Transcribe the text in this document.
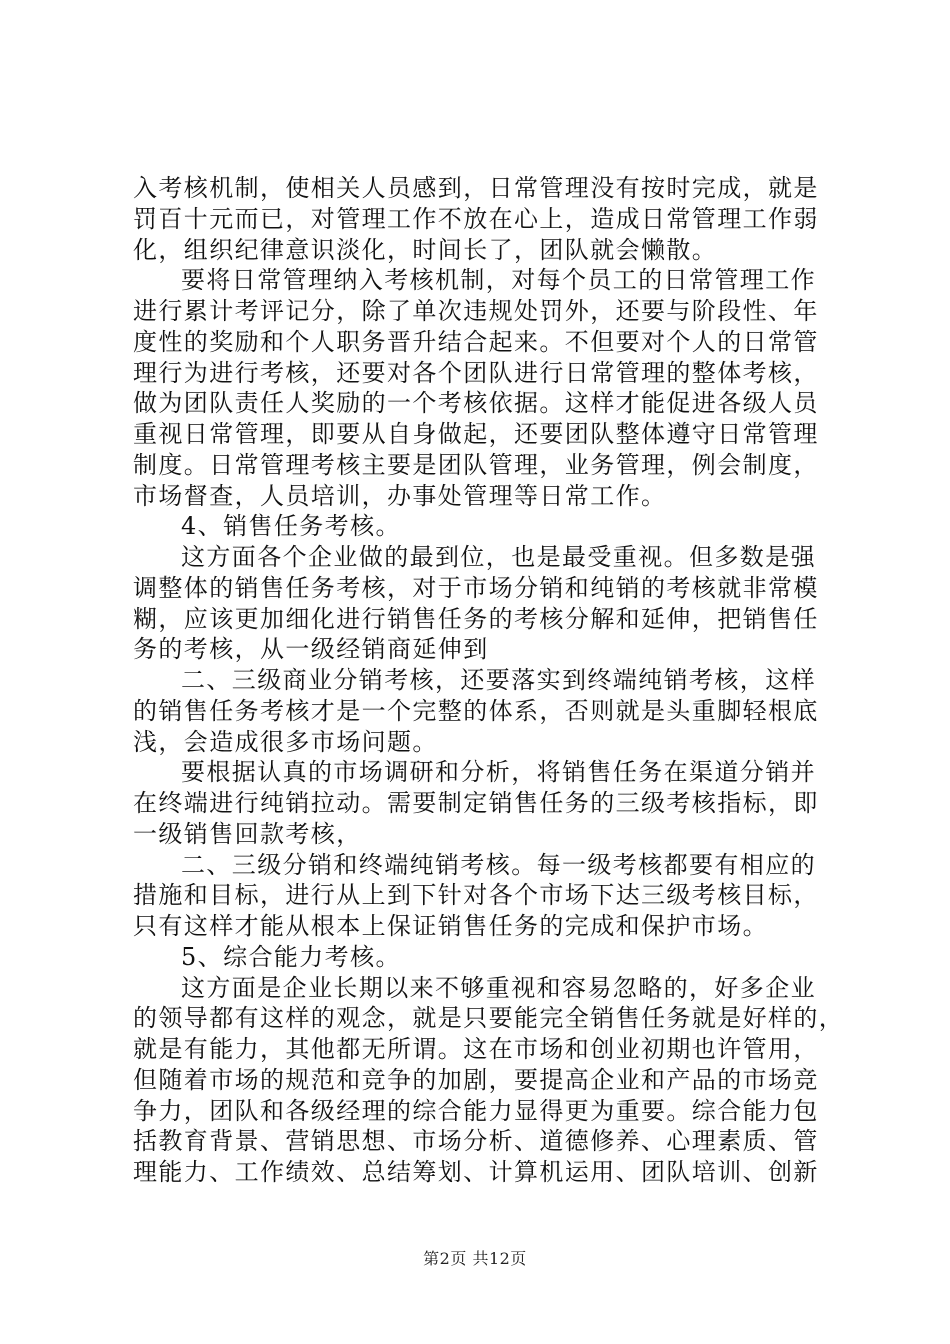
入考核机制，使相关人员感到，日常管理没有按时完成，就是
罚百十元而已，对管理工作不放在心上，造成日常管理工作弱
化，组织纪律意识淡化，时间长了，团队就会懒散。
要将日常管理纳入考核机制，对每个员工的日常管理工作
进行累计考评记分，除了单次违规处罚外，还要与阶段性、年
度性的奖励和个人职务晋升结合起来。不但要对个人的日常管
理行为进行考核，还要对各个团队进行日常管理的整体考核，
做为团队责任人奖励的一个考核依据。这样才能促进各级人员
重视日常管理，即要从自身做起，还要团队整体遵守日常管理
制度。日常管理考核主要是团队管理，业务管理，例会制度，
市场督查，人员培训，办事处管理等日常工作。
4、销售任务考核。
这方面各个企业做的最到位，也是最受重视。但多数是强
调整体的销售任务考核，对于市场分销和纯销的考核就非常模
糊，应该更加细化进行销售任务的考核分解和延伸，把销售任
务的考核，从一级经销商延伸到
二、三级商业分销考核，还要落实到终端纯销考核，这样
的销售任务考核才是一个完整的体系，否则就是头重脚轻根底
浅，会造成很多市场问题。
要根据认真的市场调研和分析，将销售任务在渠道分销并
在终端进行纯销拉动。需要制定销售任务的三级考核指标，即
一级销售回款考核，
二、三级分销和终端纯销考核。每一级考核都要有相应的
措施和目标，进行从上到下针对各个市场下达三级考核目标，
只有这样才能从根本上保证销售任务的完成和保护市场。
5、综合能力考核。
这方面是企业长期以来不够重视和容易忽略的，好多企业
的领导都有这样的观念，就是只要能完全销售任务就是好样的，
就是有能力，其他都无所谓。这在市场和创业初期也许管用，
但随着市场的规范和竞争的加剧，要提高企业和产品的市场竞
争力，团队和各级经理的综合能力显得更为重要。综合能力包
括教育背景、营销思想、市场分析、道德修养、心理素质、管
理能力、工作绩效、总结筹划、计算机运用、团队培训、创新
第2页 共12页
